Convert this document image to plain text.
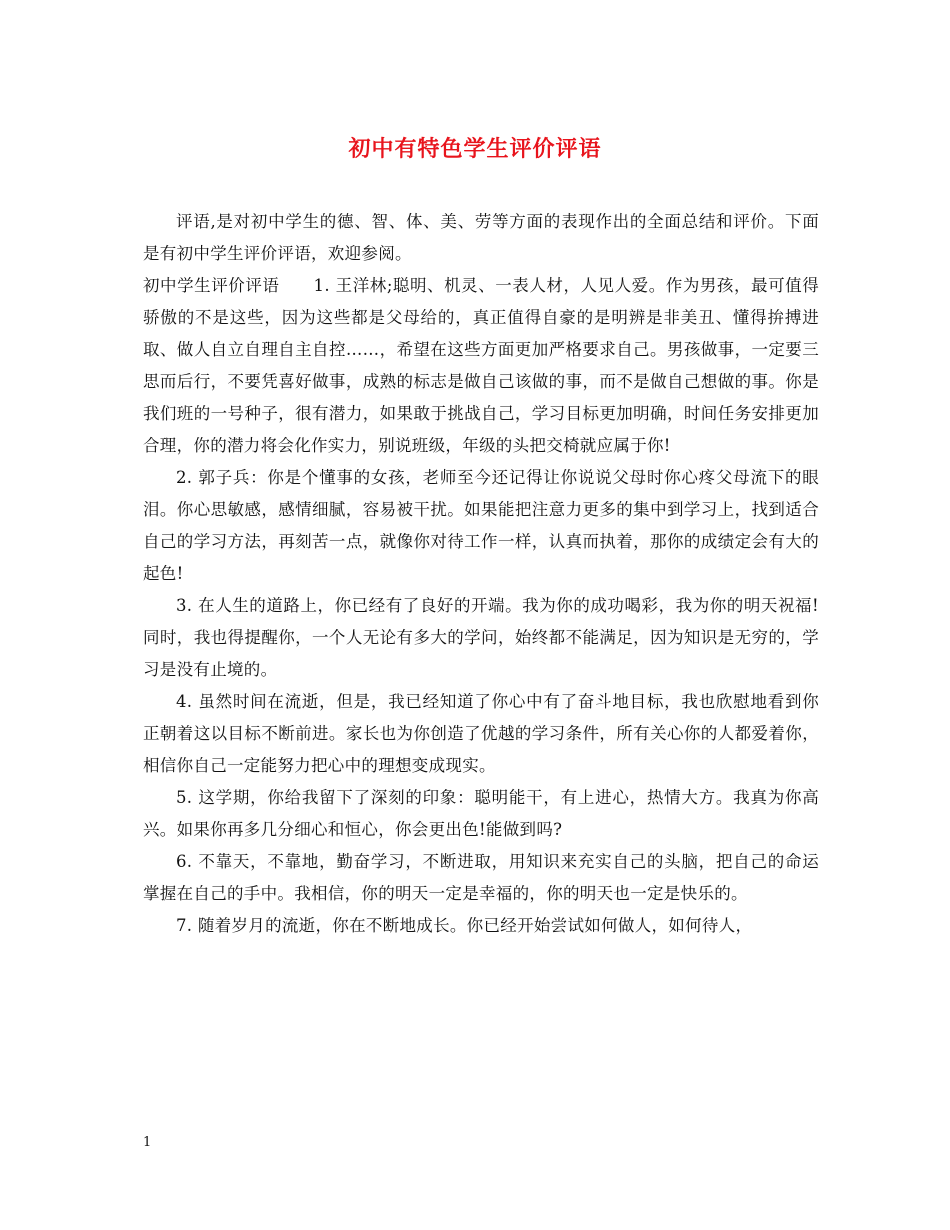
初中有特色学生评价评语

评语,是对初中学生的德、智、体、美、劳等方面的表现作出的全面总结和评价。下面是有初中学生评价评语，欢迎参阅。

初中学生评价评语　　1. 王洋林;聪明、机灵、一表人材，人见人爱。作为男孩，最可值得骄傲的不是这些，因为这些都是父母给的，真正值得自豪的是明辨是非美丑、懂得拚搏进取、做人自立自理自主自控……，希望在这些方面更加严格要求自己。男孩做事，一定要三思而后行，不要凭喜好做事，成熟的标志是做自己该做的事，而不是做自己想做的事。你是我们班的一号种子，很有潜力，如果敢于挑战自己，学习目标更加明确，时间任务安排更加合理，你的潜力将会化作实力，别说班级，年级的头把交椅就应属于你!

2. 郭子兵：你是个懂事的女孩，老师至今还记得让你说说父母时你心疼父母流下的眼泪。你心思敏感，感情细腻，容易被干扰。如果能把注意力更多的集中到学习上，找到适合自己的学习方法，再刻苦一点，就像你对待工作一样，认真而执着，那你的成绩定会有大的起色!

3. 在人生的道路上，你已经有了良好的开端。我为你的成功喝彩，我为你的明天祝福!同时，我也得提醒你，一个人无论有多大的学问，始终都不能满足，因为知识是无穷的，学习是没有止境的。

4. 虽然时间在流逝，但是，我已经知道了你心中有了奋斗地目标，我也欣慰地看到你正朝着这以目标不断前进。家长也为你创造了优越的学习条件，所有关心你的人都爱着你，相信你自己一定能努力把心中的理想变成现实。

5. 这学期，你给我留下了深刻的印象：聪明能干，有上进心，热情大方。我真为你高兴。如果你再多几分细心和恒心，你会更出色!能做到吗?

6. 不靠天，不靠地，勤奋学习，不断进取，用知识来充实自己的头脑，把自己的命运掌握在自己的手中。我相信，你的明天一定是幸福的，你的明天也一定是快乐的。

7. 随着岁月的流逝，你在不断地成长。你已经开始尝试如何做人，如何待人，

1
